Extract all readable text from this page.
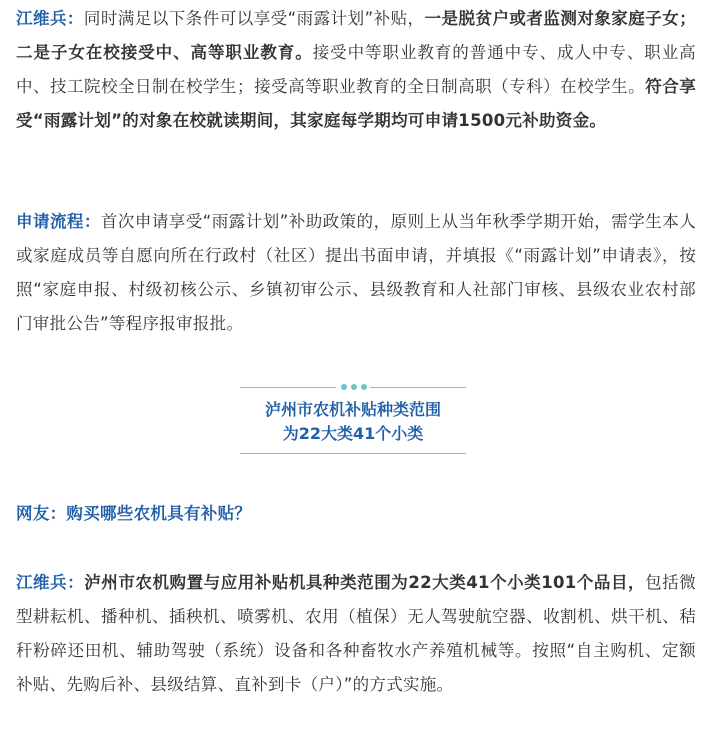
江维兵：同时满足以下条件可以享受“雨露计划”补贴，一是脱贫户或者监测对象家庭子女；二是子女在校接受中、高等职业教育。接受中等职业教育的普通中专、成人中专、职业高中、技工院校全日制在校学生；接受高等职业教育的全日制高职（专科）在校学生。符合享受“雨露计划”的对象在校就读期间，其家庭每学期均可申请1500元补助资金。

申请流程：首次申请享受“雨露计划”补助政策的，原则上从当年秋季学期开始，需学生本人或家庭成员等自愿向所在行政村（社区）提出书面申请，并填报《“雨露计划”申请表》，按照“家庭申报、村级初核公示、乡镇初审公示、县级教育和人社部门审核、县级农业农村部门审批公告”等程序报审报批。

泸州市农机补贴种类范围
为22大类41个小类

网友：购买哪些农机具有补贴？

江维兵：泸州市农机购置与应用补贴机具种类范围为22大类41个小类101个品目，包括微型耕耘机、播种机、插秧机、喷雾机、农用（植保）无人驾驶航空器、收割机、烘干机、秸秆粉碎还田机、辅助驾驶（系统）设备和各种畜牧水产养殖机械等。按照“自主购机、定额补贴、先购后补、县级结算、直补到卡（户）”的方式实施。
